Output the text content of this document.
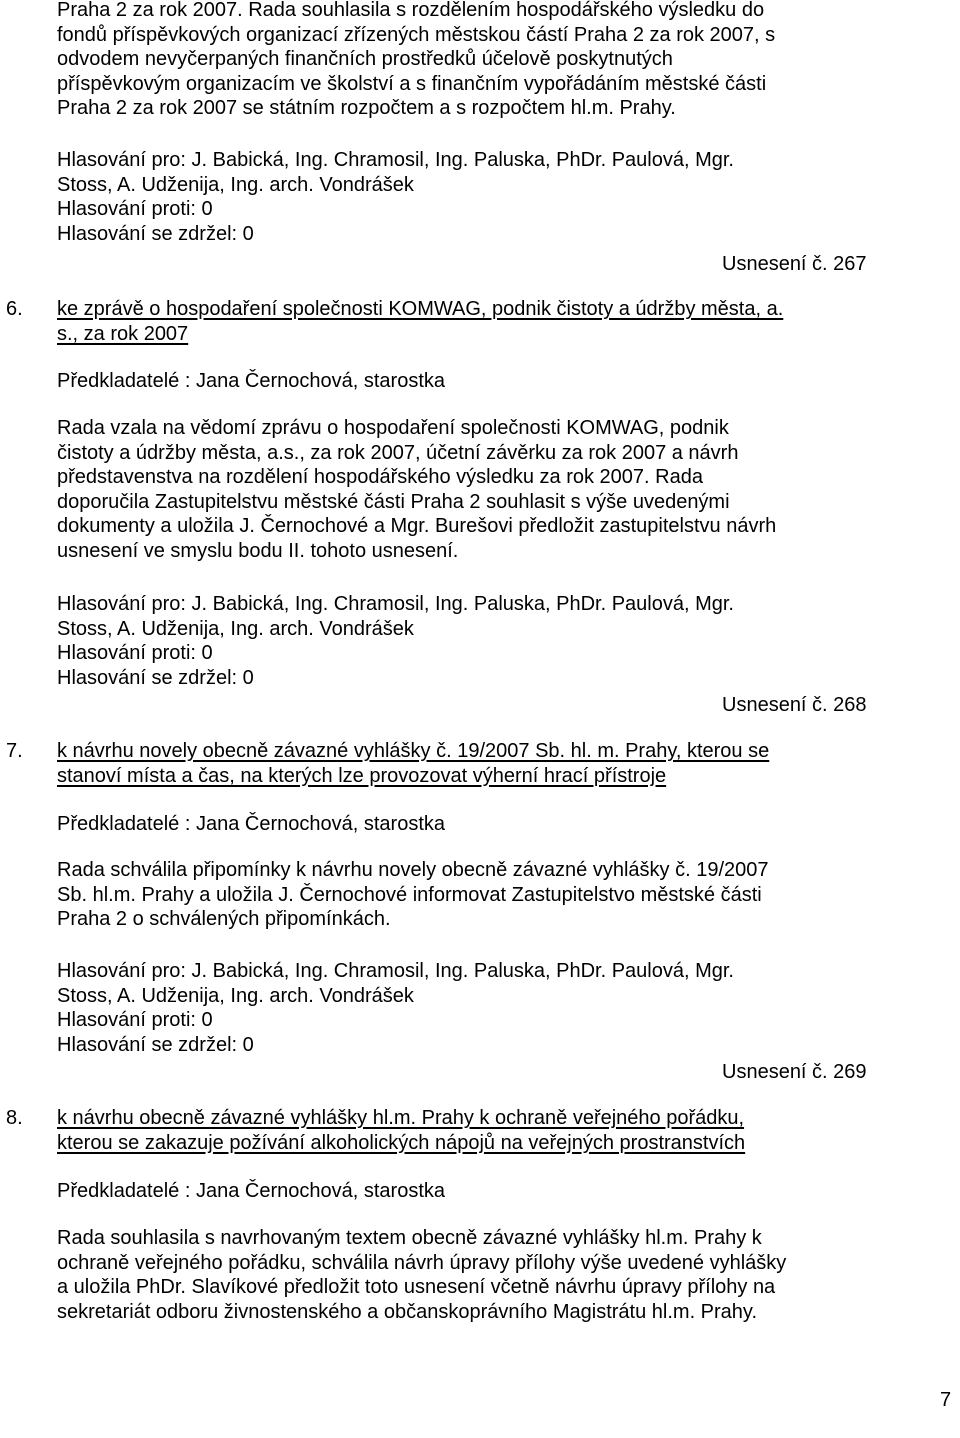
Praha 2 za rok 2007. Rada souhlasila s rozdělením hospodářského výsledku do
fondů příspěvkových organizací zřízených městskou částí Praha 2 za rok 2007, s
odvodem nevyčerpaných finančních prostředků účelově poskytnutých
příspěvkovým organizacím ve školství a s finančním vypořádáním městské části
Praha 2 za rok 2007 se státním rozpočtem a s rozpočtem hl.m. Prahy.
Hlasování pro: J. Babická, Ing. Chramosil, Ing. Paluska, PhDr. Paulová, Mgr.
Stoss, A. Udženija, Ing. arch. Vondrášek
Hlasování proti: 0
Hlasování se zdržel: 0
Usnesení č. 267
6. ke zprávě o hospodaření společnosti KOMWAG, podnik čistoty a údržby města, a.
s., za rok 2007
Předkladatelé : Jana Černochová, starostka
Rada vzala na vědomí zprávu o hospodaření společnosti KOMWAG, podnik
čistoty a údržby města, a.s., za rok 2007, účetní závěrku za rok 2007 a návrh
představenstva na rozdělení hospodářského výsledku za rok 2007. Rada
doporučila Zastupitelstvu městské části Praha 2 souhlasit s výše uvedenými
dokumenty a uložila J. Černochové a Mgr. Burešovi předložit zastupitelstvu návrh
usnesení ve smyslu bodu II. tohoto usnesení.
Hlasování pro: J. Babická, Ing. Chramosil, Ing. Paluska, PhDr. Paulová, Mgr.
Stoss, A. Udženija, Ing. arch. Vondrášek
Hlasování proti: 0
Hlasování se zdržel: 0
Usnesení č. 268
7. k návrhu novely obecně závazné vyhlášky č. 19/2007 Sb. hl. m. Prahy, kterou se
stanoví místa a čas, na kterých lze provozovat výherní hrací přístroje
Předkladatelé : Jana Černochová, starostka
Rada schválila připomínky k návrhu novely obecně závazné vyhlášky č. 19/2007
Sb. hl.m. Prahy a uložila J. Černochové informovat Zastupitelstvo městské části
Praha 2 o schválených připomínkách.
Hlasování pro: J. Babická, Ing. Chramosil, Ing. Paluska, PhDr. Paulová, Mgr.
Stoss, A. Udženija, Ing. arch. Vondrášek
Hlasování proti: 0
Hlasování se zdržel: 0
Usnesení č. 269
8. k návrhu obecně závazné vyhlášky hl.m. Prahy k ochraně veřejného pořádku,
kterou se zakazuje požívání alkoholických nápojů na veřejných prostranstvích
Předkladatelé : Jana Černochová, starostka
Rada souhlasila s navrhovaným textem obecně závazné vyhlášky hl.m. Prahy k
ochraně veřejného pořádku, schválila návrh úpravy přílohy výše uvedené vyhlášky
a uložila PhDr. Slavíkové předložit toto usnesení včetně návrhu úpravy přílohy na
sekretariát odboru živnostenského a občanskoprávního Magistrátu hl.m. Prahy.
7
